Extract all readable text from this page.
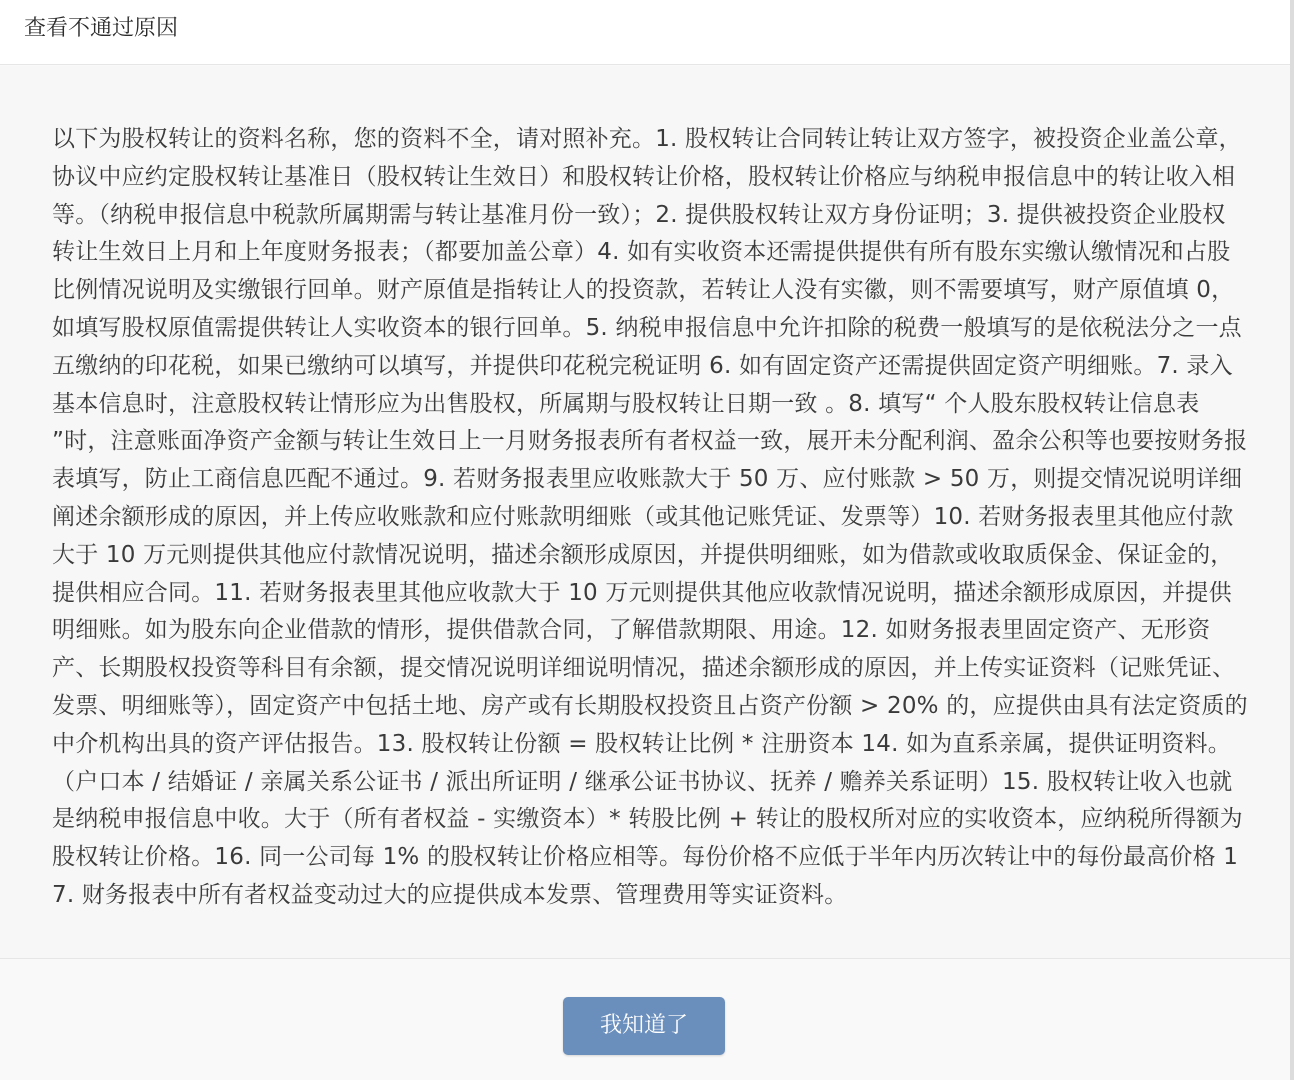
查看不通过原因

以下为股权转让的资料名称，您的资料不全，请对照补充。1. 股权转让合同转让转让双方签字，被投资企业盖公章，协议中应约定股权转让基准日（股权转让生效日）和股权转让价格，股权转让价格应与纳税申报信息中的转让收入相等。（纳税申报信息中税款所属期需与转让基准月份一致）；2. 提供股权转让双方身份证明；3. 提供被投资企业股权转让生效日上月和上年度财务报表；（都要加盖公章）4. 如有实收资本还需提供提供有所有股东实缴认缴情况和占股比例情况说明及实缴银行回单。财产原值是指转让人的投资款，若转让人没有实徽，则不需要填写，财产原值填 0，如填写股权原值需提供转让人实收资本的银行回单。5. 纳税申报信息中允许扣除的税费一般填写的是依税法分之一点五缴纳的印花税，如果已缴纳可以填写，并提供印花税完税证明 6. 如有固定资产还需提供固定资产明细账。7. 录入基本信息时，注意股权转让情形应为出售股权，所属期与股权转让日期一致 。8. 填写“ 个人股东股权转让信息表 ”时，注意账面净资产金额与转让生效日上一月财务报表所有者权益一致，展开未分配利润、盈余公积等也要按财务报表填写，防止工商信息匹配不通过。9. 若财务报表里应收账款大于 50 万、应付账款 > 50 万，则提交情况说明详细阐述余额形成的原因，并上传应收账款和应付账款明细账（或其他记账凭证、发票等）10. 若财务报表里其他应付款大于 10 万元则提供其他应付款情况说明，描述余额形成原因，并提供明细账，如为借款或收取质保金、保证金的，提供相应合同。11. 若财务报表里其他应收款大于 10 万元则提供其他应收款情况说明，描述余额形成原因，并提供明细账。如为股东向企业借款的情形，提供借款合同，了解借款期限、用途。12. 如财务报表里固定资产、无形资产、长期股权投资等科目有余额，提交情况说明详细说明情况，描述余额形成的原因，并上传实证资料（记账凭证、发票、明细账等），固定资产中包括土地、房产或有长期股权投资且占资产份额 > 20% 的，应提供由具有法定资质的中介机构出具的资产评估报告。13. 股权转让份额 = 股权转让比例 * 注册资本 14. 如为直系亲属，提供证明资料。（户口本 / 结婚证 / 亲属关系公证书 / 派出所证明 / 继承公证书协议、抚养 / 赡养关系证明）15. 股权转让收入也就是纳税申报信息中收。大于（所有者权益 - 实缴资本）* 转股比例 + 转让的股权所对应的实收资本，应纳税所得额为股权转让价格。16. 同一公司每 1% 的股权转让价格应相等。每份价格不应低于半年内历次转让中的每份最高价格 17. 财务报表中所有者权益变动过大的应提供成本发票、管理费用等实证资料。

我知道了
